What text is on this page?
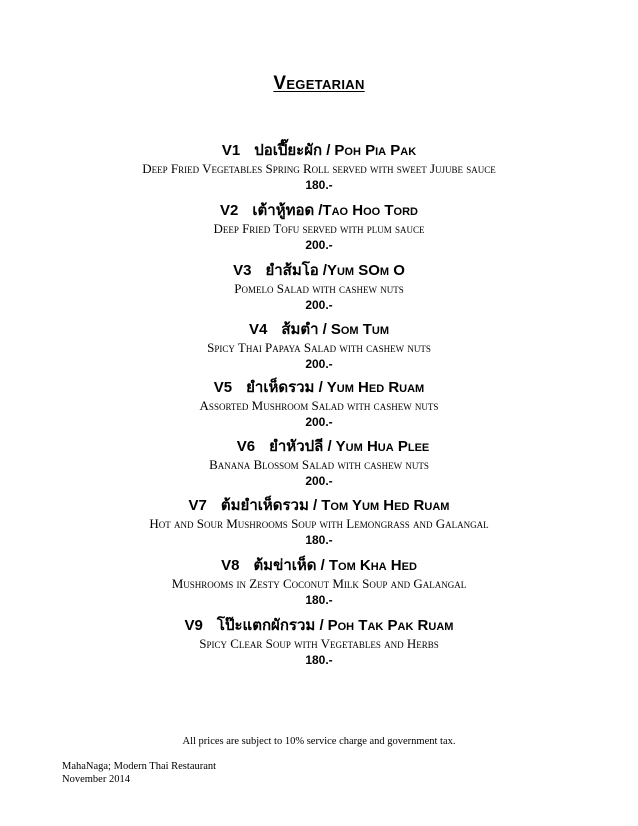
Vegetarian
V1 ปอเปี๊ยะผัก / Poh Pia Pak
Deep Fried Vegetables Spring Roll served with sweet Jujube sauce
180.-
V2 เต้าหู้ทอด /Tao Hoo Tord
Deep Fried Tofu served with plum sauce
200.-
V3 ยำส้มโอ /Yum SOm O
Pomelo Salad with cashew nuts
200.-
V4 ส้มตำ / Som Tum
Spicy Thai Papaya Salad with cashew nuts
200.-
V5 ยำเห็ดรวม / Yum Hed Ruam
Assorted Mushroom Salad with cashew nuts
200.-
V6 ยำหัวปลี / Yum Hua Plee
Banana Blossom Salad with cashew nuts
200.-
V7 ต้มยำเห็ดรวม / Tom Yum Hed Ruam
Hot and Sour Mushrooms Soup with Lemongrass and Galangal
180.-
V8 ต้มข่าเห็ด / Tom Kha Hed
Mushrooms in Zesty Coconut Milk Soup and Galangal
180.-
V9 โป๊ะแตกผักรวม / Poh Tak Pak Ruam
Spicy Clear Soup with Vegetables and Herbs
180.-
All prices are subject to 10% service charge and government tax.
MahaNaga; Modern Thai Restaurant
November 2014
